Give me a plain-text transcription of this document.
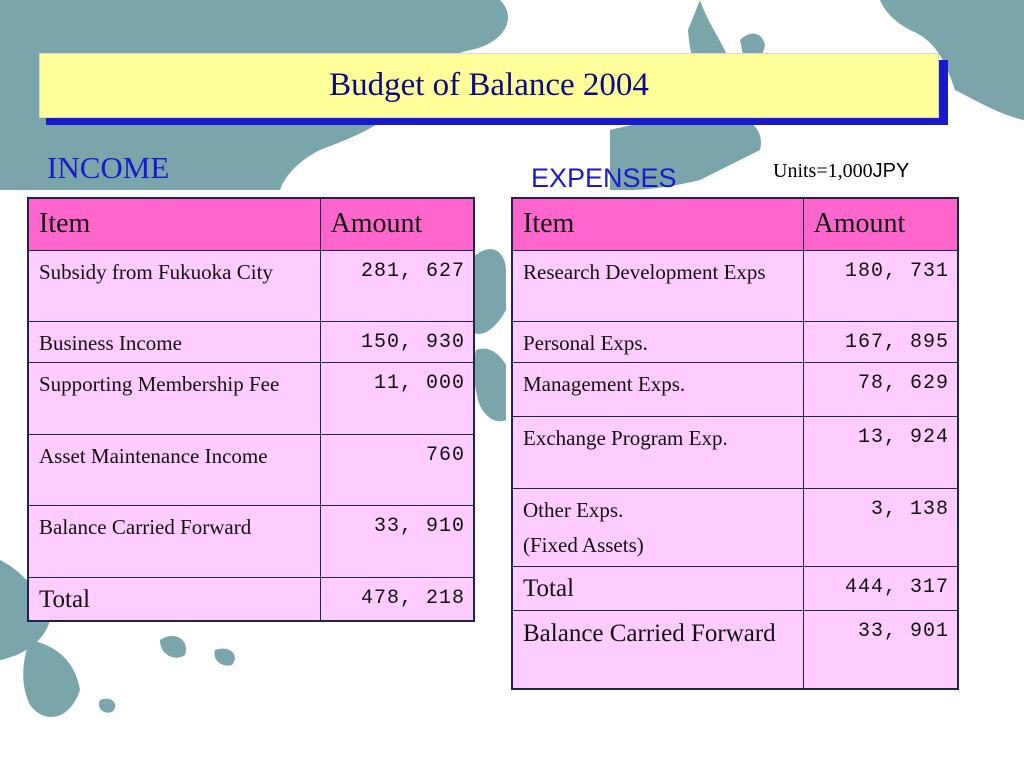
Budget of Balance 2004
INCOME	EXPENSES	Units=1,000JPY
Item	Amount
Subsidy from Fukuoka City	281, 627
Business Income	150, 930
Supporting Membership Fee	11, 000
Asset Maintenance Income	760
Balance Carried Forward	33, 910
Total	478, 218
Item	Amount
Research Development Exps	180, 731
Personal Exps.	167, 895
Management Exps.	78, 629
Exchange Program Exp.	13, 924

Other Exps.
(Fixed Assets)	3, 138
Total	444, 317
Balance Carried Forward	33, 901
